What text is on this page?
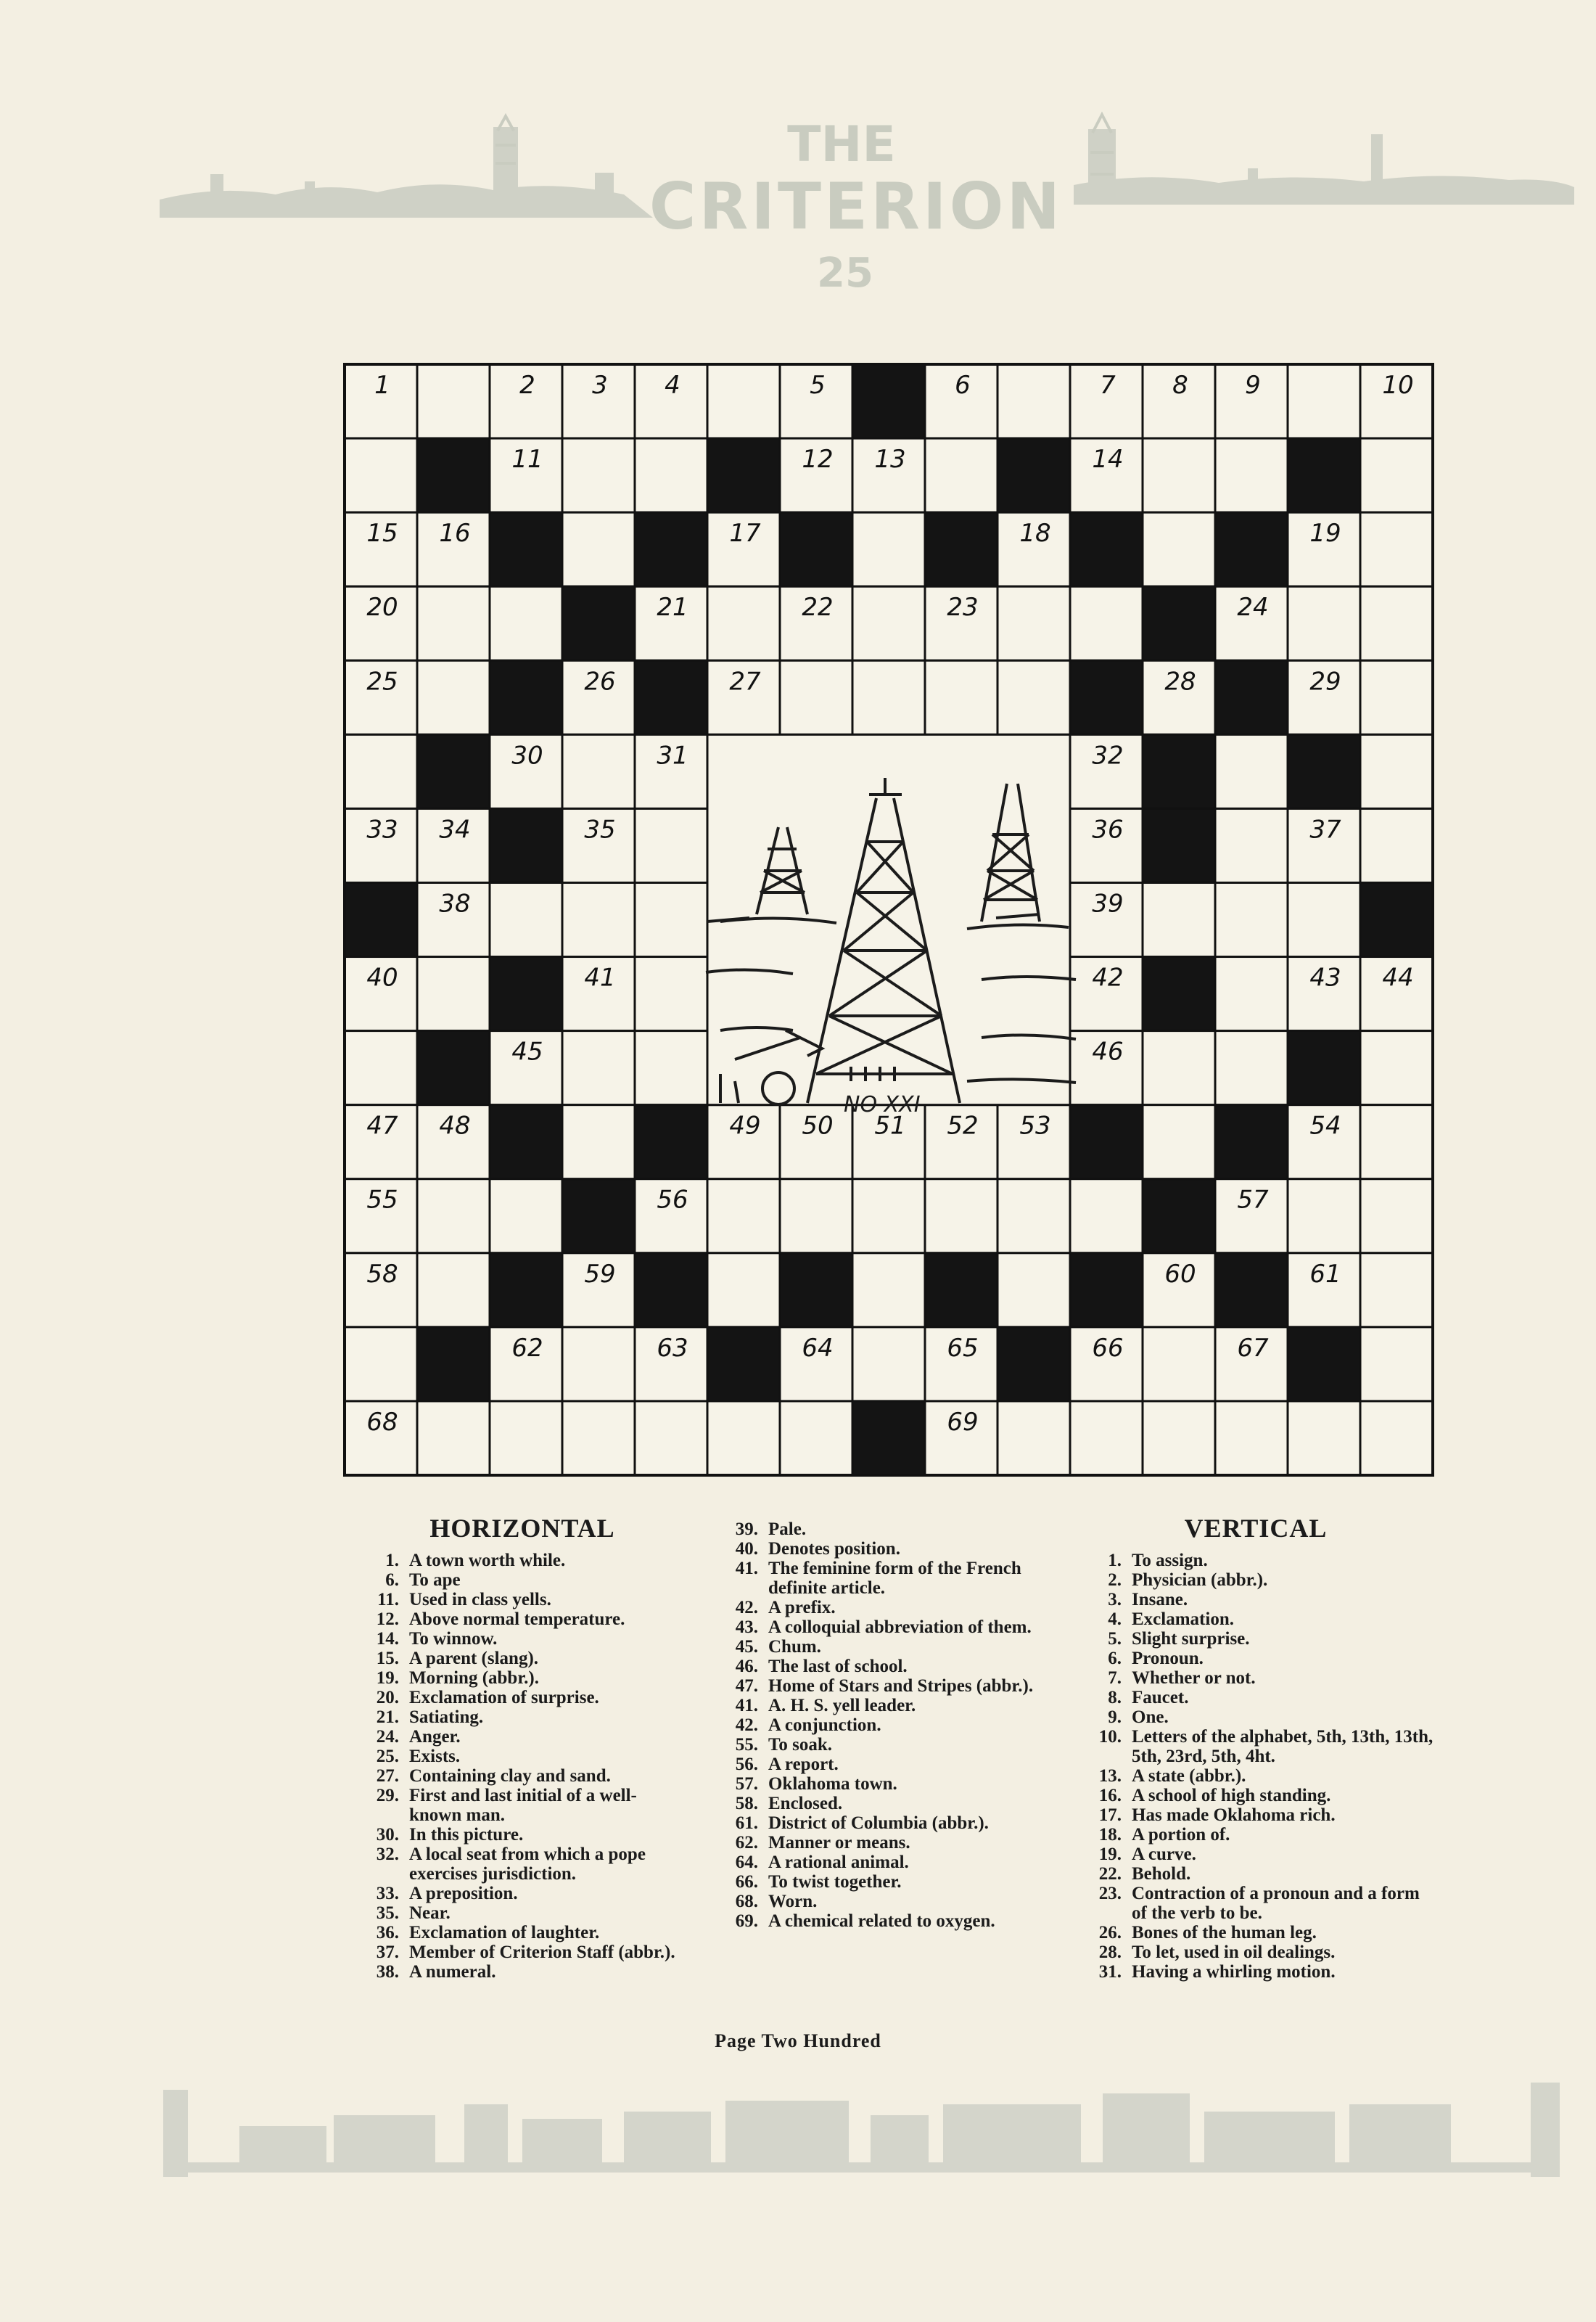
THE
CRITERION
25
NO XXI
1	2 3 4	5	6	7 8 9	10
11	12 13	14
15 16	17	18	19
20	21	22	23	24
25	26	27	28	29
30	31	32
33 34	35	36	37
38	39
40	41	42	43 44
45	46
47 48	49 50 51 52 53	54
55	56	57
58	59	60	61
62	63	64	65	66	67
68	69
HORIZONTAL
1. A town worth while.
6. To ape
11. Used in class yells.
12. Above normal temperature.
14. To winnow.
15. A parent (slang).
19. Morning (abbr.).
20. Exclamation of surprise.
21. Satiating.
24. Anger.
25. Exists.
27. Containing clay and sand.
29. First and last initial of a well-known man.
30. In this picture.
32. A local seat from which a pope exercises jurisdiction.
33. A preposition.
35. Near.
36. Exclamation of laughter.
37. Member of Criterion Staff (abbr.).
38. A numeral.
39. Pale.
40. Denotes position.
41. The feminine form of the French definite article.
42. A prefix.
43. A colloquial abbreviation of them.
45. Chum.
46. The last of school.
47. Home of Stars and Stripes (abbr.).
41. A. H. S. yell leader.
42. A conjunction.
55. To soak.
56. A report.
57. Oklahoma town.
58. Enclosed.
61. District of Columbia (abbr.).
62. Manner or means.
64. A rational animal.
66. To twist together.
68. Worn.
69. A chemical related to oxygen.
VERTICAL
1. To assign.
2. Physician (abbr.).
3. Insane.
4. Exclamation.
5. Slight surprise.
6. Pronoun.
7. Whether or not.
8. Faucet.
9. One.
10. Letters of the alphabet, 5th, 13th, 13th, 5th, 23rd, 5th, 4ht.
13. A state (abbr.).
16. A school of high standing.
17. Has made Oklahoma rich.
18. A portion of.
19. A curve.
22. Behold.
23. Contraction of a pronoun and a form of the verb to be.
26. Bones of the human leg.
28. To let, used in oil dealings.
31. Having a whirling motion.
Page Two Hundred
